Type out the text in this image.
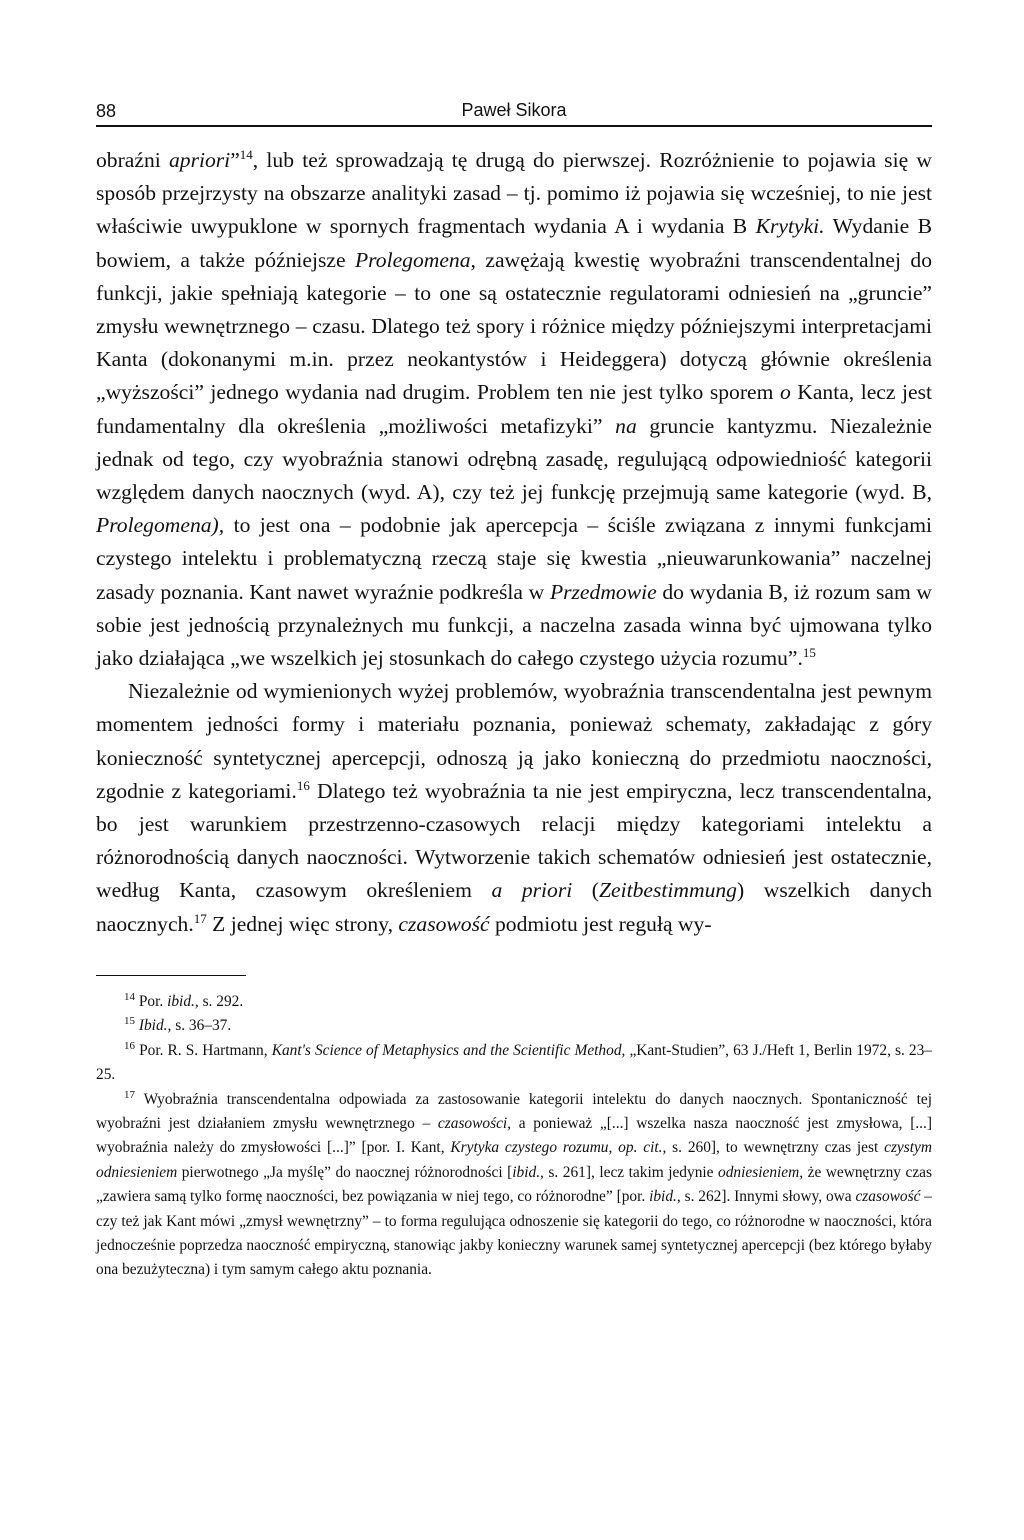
88	Paweł Sikora

obraźni apriori”$^{14}$, lub też sprowadzają tę drugą do pierwszej. Rozróżnienie to pojawia się w sposób przejrzysty na obszarze analityki zasad – tj. pomimo iż pojawia się wcześniej, to nie jest właściwie uwypuklone w spornych fragmentach wydania A i wydania B Krytyki. Wydanie B bowiem, a także późniejsze Prolegomena, zawężają kwestię wyobraźni transcendentalnej do funkcji, jakie spełniają kategorie – to one są ostatecznie regulatorami odniesień na „gruncie” zmysłu wewnętrznego – czasu. Dlatego też spory i różnice między późniejszymi interpretacjami Kanta (dokonanymi m.in. przez neokantystów i Heideggera) dotyczą głównie określenia „wyższości” jednego wydania nad drugim. Problem ten nie jest tylko sporem o Kanta, lecz jest fundamentalny dla określenia „możliwości metafizyki” na gruncie kantyzmu. Niezależnie jednak od tego, czy wyobraźnia stanowi odrębną zasadę, regulującą odpowiedniość kategorii względem danych naocznych (wyd. A), czy też jej funkcję przejmują same kategorie (wyd. B, Prolegomena), to jest ona – podobnie jak apercepcja – ściśle związana z innymi funkcjami czystego intelektu i problematyczną rzeczą staje się kwestia „nieuwarunkowania” naczelnej zasady poznania. Kant nawet wyraźnie podkreśla w Przedmowie do wydania B, iż rozum sam w sobie jest jednością przynależnych mu funkcji, a naczelna zasada winna być ujmowana tylko jako działająca „we wszelkich jej stosunkach do całego czystego użycia rozumu”.$^{15}$

Niezależnie od wymienionych wyżej problemów, wyobraźnia transcendentalna jest pewnym momentem jedności formy i materiału poznania, ponieważ schematy, zakładając z góry konieczność syntetycznej apercepcji, odnoszą ją jako konieczną do przedmiotu naoczności, zgodnie z kategoriami.$^{16}$ Dlatego też wyobraźnia ta nie jest empiryczna, lecz transcendentalna, bo jest warunkiem przestrzenno-czasowych relacji między kategoriami intelektu a różnorodnością danych naoczności. Wytworzenie takich schematów odniesień jest ostatecznie, według Kanta, czasowym określeniem a priori (Zeitbestimmung) wszelkich danych naocznych.$^{17}$ Z jednej więc strony, czasowość podmiotu jest regułą wy-

$^{14}$ Por. ibid., s. 292.

$^{15}$ Ibid., s. 36–37.

$^{16}$ Por. R. S. Hartmann, Kant's Science of Metaphysics and the Scientific Method, „Kant-Studien”, 63 J./Heft 1, Berlin 1972, s. 23–25.

$^{17}$ Wyobraźnia transcendentalna odpowiada za zastosowanie kategorii intelektu do danych naocznych. Spontaniczność tej wyobraźni jest działaniem zmysłu wewnętrznego – czasowości, a ponieważ „[...] wszelka nasza naoczność jest zmysłowa, [...] wyobraźnia należy do zmysłowości [...]” [por. I. Kant, Krytyka czystego rozumu, op. cit., s. 260], to wewnętrzny czas jest czystym odniesieniem pierwotnego „Ja myślę” do naocznej różnorodności [ibid., s. 261], lecz takim jedynie odniesieniem, że wewnętrzny czas „zawiera samą tylko formę naoczności, bez powiązania w niej tego, co różnorodne” [por. ibid., s. 262]. Innymi słowy, owa czasowość – czy też jak Kant mówi „zmysł wewnętrzny” – to forma regulująca odnoszenie się kategorii do tego, co różnorodne w naoczności, która jednocześnie poprzedza naoczność empiryczną, stanowiąc jakby konieczny warunek samej syntetycznej apercepcji (bez którego byłaby ona bezużyteczna) i tym samym całego aktu poznania.
